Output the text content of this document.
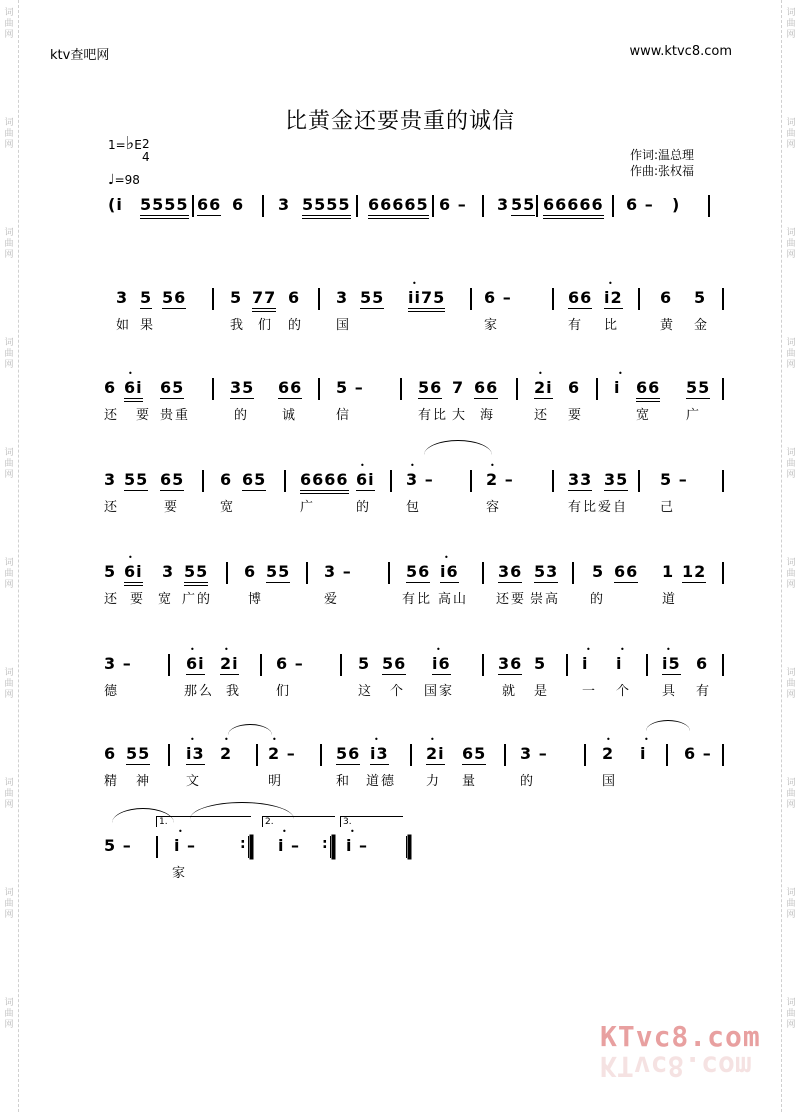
词曲网
词曲网
词曲网
词曲网
词曲网
词曲网
词曲网
词曲网
词曲网
词曲网
词曲网
词曲网
词曲网
词曲网
词曲网
词曲网
词曲网
词曲网
词曲网
词曲网
ktv查吧网	www.ktvc8.com
比黄金还要贵重的诚信
1=♭E 2
4
♩=98
作词:温总理
作曲:张权福
(i 5555 66 6 3 5555 66665 6 – 3 55 66666 6 – )
3 5 56	5 77 6 3 55 • ii75 6 –	66 • i2 6 5
如 果	我 们 的	国	家	有 比	黄 金
6 • 6i 65	35 66 5 –	56 7 66 • 2i 6 • i 66 55
还 要 贵重	的	诚	信	有比 大 海	还 要	宽	广
3 55 65 6 65 6666 • 6i • 3 –	• 2 –	33 35 5 –
还	要	宽	广	的	包	容	有比 爱自 己
5 • 6i 3 55 6 55 3 –	56 • i6 36 53 5 66 1 12
还 要 宽 广的	博	爱	有比 高山 还要 崇高 的	道
3 –	• 6i • 2i 6 –	5 56 • i6	36 5 • i • i • i5 6
德	那么 我	们	这 个 国家	就 是	一 个 具 有
6 55 • i3 • 2 • 2 –	56 • i3 • 2i 65 3 –	• 2 • i 6 –
精 神	文	明	和 道德 力 量	的	国
1.	2.	3.
5 –	• i –	: • i – : • i –
家
KTvc8.com
KTvc8.com
